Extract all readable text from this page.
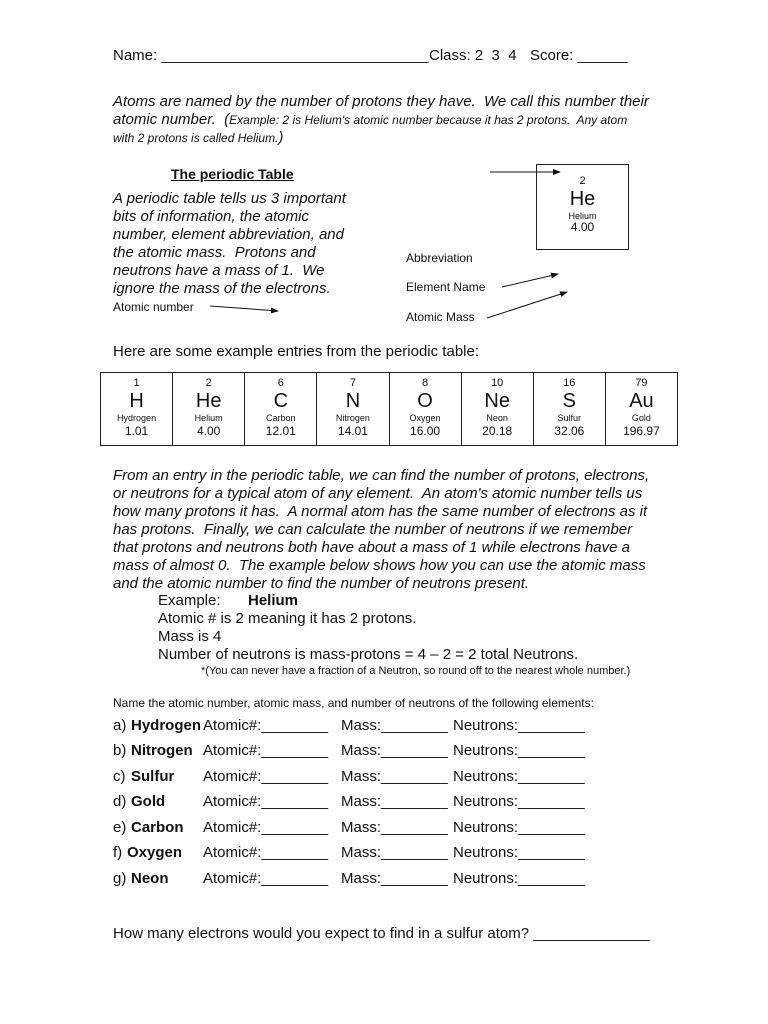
Name: ________________________________ Class: 2  3  4 Score: ______
Atoms are named by the number of protons they have.  We call this number their
atomic number.  (Example: 2 is Helium's atomic number because it has 2 protons.  Any atom
with 2 protons is called Helium.)
The periodic Table
A periodic table tells us 3 important
bits of information, the atomic
number, element abbreviation, and
the atomic mass.  Protons and
neutrons have a mass of 1.  We
ignore the mass of the electrons.
Atomic number
Abbreviation
Element Name
Atomic Mass
2
He
Helium
4.00
Here are some example entries from the periodic table:
1
H
Hydrogen
1.01
2
He
Helium
4.00
6
C
Carbon
12.01
7
N
Nitrogen
14.01
8
O
Oxygen
16.00
10
Ne
Neon
20.18
16
S
Sulfur
32.06
79
Au
Gold
196.97
From an entry in the periodic table, we can find the number of protons, electrons,
or neutrons for a typical atom of any element.  An atom's atomic number tells us
how many protons it has.  A normal atom has the same number of electrons as it
has protons.  Finally, we can calculate the number of neutrons if we remember
that protons and neutrons both have about a mass of 1 while electrons have a
mass of almost 0.  The example below shows how you can use the atomic mass
and the atomic number to find the number of neutrons present.
Example: Helium
Atomic # is 2 meaning it has 2 protons.
Mass is 4
Number of neutrons is mass-protons = 4 – 2 = 2 total Neutrons.
*(You can never have a fraction of a Neutron, so round off to the nearest whole number.)
Name the atomic number, atomic mass, and number of neutrons of the following elements:
a) Hydrogen Atomic#:________ Mass:________ Neutrons:________
b) Nitrogen Atomic#:________ Mass:________ Neutrons:________
c) Sulfur Atomic#:________ Mass:________ Neutrons:________
d) Gold	Atomic#:________ Mass:________ Neutrons:________
e) Carbon Atomic#:________ Mass:________ Neutrons:________
f) Oxygen Atomic#:________ Mass:________ Neutrons:________
g) Neon Atomic#:________ Mass:________ Neutrons:________
How many electrons would you expect to find in a sulfur atom? ______________
